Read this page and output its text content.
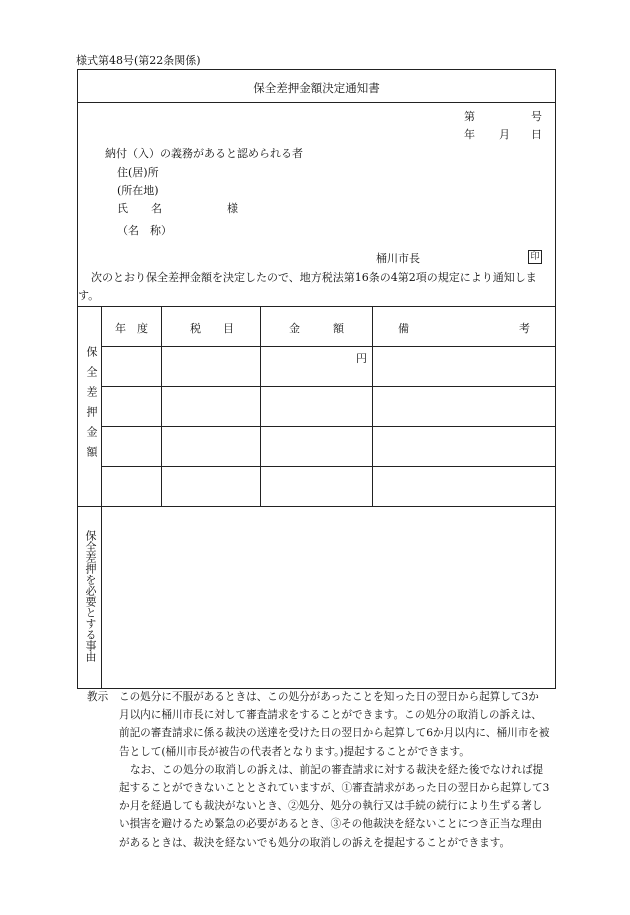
様式第48号(第22条関係)
保全差押金額決定通知書
第	号
年 月 日
納付（入）の義務があると認められる者
住(居)所
(所在地)
氏 名	様
（名　称）
桶川市長	印
次のとおり保全差押金額を決定したので、地方税法第16条の4第2項の規定により通知しま
す。
保全差押金額
年　度	税　　目	金　　　額	備	考
円
保全差押を必要とする事由

教示 この処分に不服があるときは、この処分があったことを知った日の翌日から起算して3か

月以内に桶川市長に対して審査請求をすることができます。この処分の取消しの訴えは、

前記の審査請求に係る裁決の送達を受けた日の翌日から起算して6か月以内に、桶川市を被

告として(桶川市長が被告の代表者となります。)提起することができます。

なお、この処分の取消しの訴えは、前記の審査請求に対する裁決を経た後でなければ提

起することができないこととされていますが、①審査請求があった日の翌日から起算して3

か月を経過しても裁決がないとき、②処分、処分の執行又は手続の続行により生ずる著し

い損害を避けるため緊急の必要があるとき、③その他裁決を経ないことにつき正当な理由

があるときは、裁決を経ないでも処分の取消しの訴えを提起することができます。
